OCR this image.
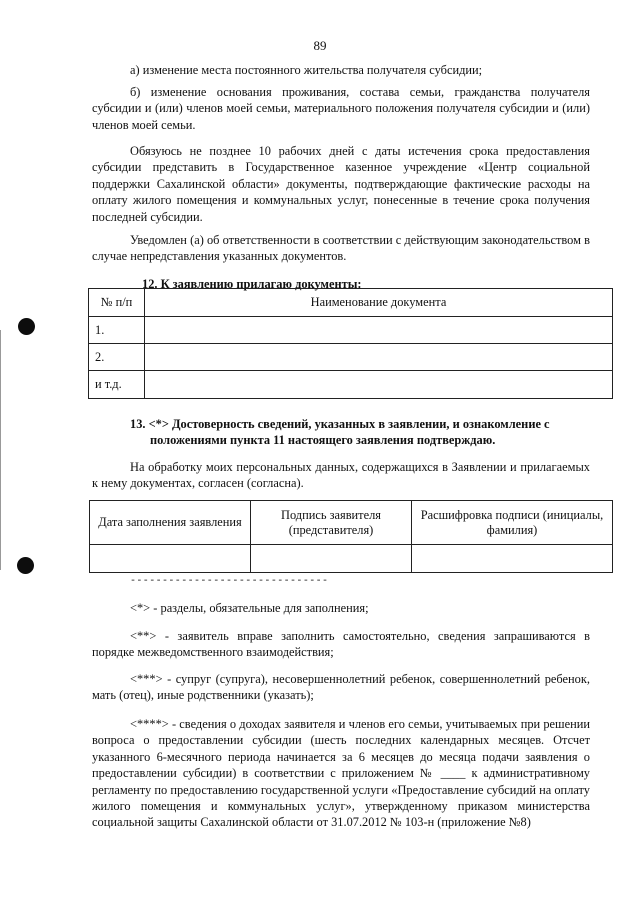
89

а) изменение места постоянного жительства получателя субсидии;

б) изменение основания проживания, состава семьи, гражданства получателя субсидии и (или) членов моей семьи, материального положения получателя субсидии и (или) членов моей семьи.

Обязуюсь не позднее 10 рабочих дней с даты истечения срока предоставления субсидии представить в Государственное казенное учреждение «Центр социальной поддержки Сахалинской области» документы, подтверждающие фактические расходы на оплату жилого помещения и коммунальных услуг, понесенные в течение срока получения последней субсидии.

Уведомлен (а) об ответственности в соответствии с действующим законодательством в случае непредставления указанных документов.

12. К заявлению прилагаю документы:

№ п/п	Наименование документа
1.	
2.	
и т.д.	

13. <*> Достоверность сведений, указанных в заявлении, и ознакомление с положениями пункта 11 настоящего заявления подтверждаю.

На обработку моих персональных данных, содержащихся в Заявлении и прилагаемых к нему документах, согласен (согласна).

Дата заполнения заявления	Подпись заявителя (представителя)	Расшифровка подписи (инициалы, фамилия)

-------------------------------

<*> - разделы, обязательные для заполнения;

<**> - заявитель вправе заполнить самостоятельно, сведения запрашиваются в порядке межведомственного взаимодействия;

<***> - супруг (супруга), несовершеннолетний ребенок, совершеннолетний ребенок, мать (отец), иные родственники (указать);

<****> - сведения о доходах заявителя и членов его семьи, учитываемых при решении вопроса о предоставлении субсидии (шесть последних календарных месяцев. Отсчет указанного 6-месячного периода начинается за 6 месяцев до месяца подачи заявления о предоставлении субсидии) в соответствии с приложением № ____ к административному регламенту по предоставлению государственной услуги «Предоставление субсидий на оплату жилого помещения и коммунальных услуг», утвержденному приказом министерства социальной защиты Сахалинской области от 31.07.2012 № 103-н (приложение №8)
